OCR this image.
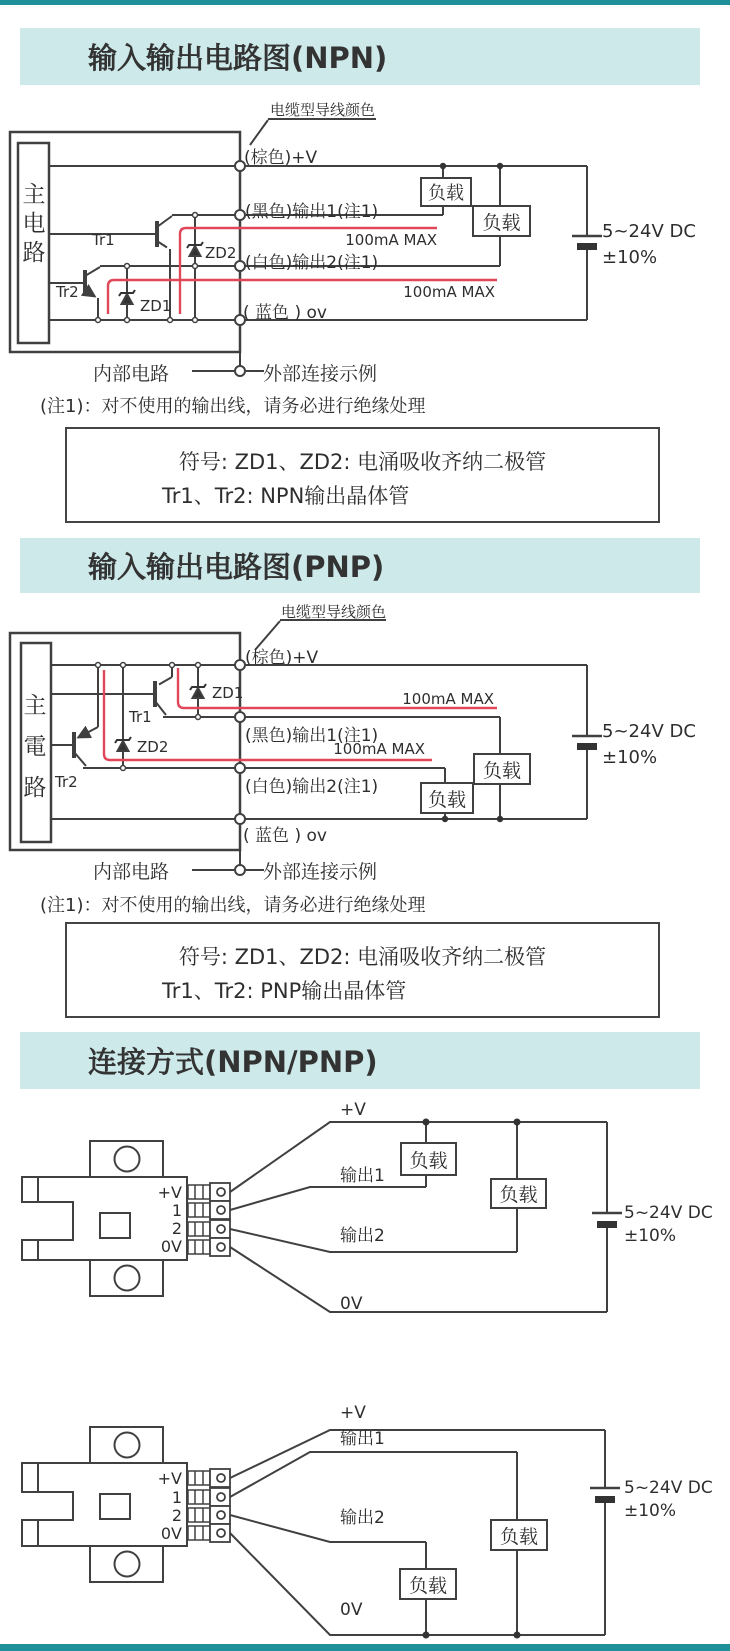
输入输出电路图(NPN)
输入输出电路图(PNP)
连接方式(NPN/PNP)
电缆型导线颜色
(棕色)+V
(黑色)输出1(注1)
100mA MAX
(白色)输出2(注1)
100mA MAX
( 蓝色 ) ov
Tr1
Tr2
ZD2
ZD1
主电路
负载
负载	5~24V DC
±10%
内部电路	外部连接示例
(注1)：对不使用的输出线，请务必进行绝缘处理
符号: ZD1、ZD2: 电涌吸收齐纳二极管
Tr1、Tr2: NPN输出晶体管
电缆型导线颜色
(棕色)+V
100mA MAX
(黑色)输出1(注1)
100mA MAX
(白色)输出2(注1)
( 蓝色 ) ov
Tr1
Tr2
ZD1
ZD2
主電路
负载
负载
5~24V DC
±10%
内部电路	外部连接示例
(注1)：对不使用的输出线，请务必进行绝缘处理
符号: ZD1、ZD2: 电涌吸收齐纳二极管
Tr1、Tr2: PNP输出晶体管
+V
输出1
输出2
0V
负载
负载
5~24V DC
±10%
+V
1
2
0V
+V
输出1
输出2
0V
负载
负载
5~24V DC
±10%
+V
1
2
0V
